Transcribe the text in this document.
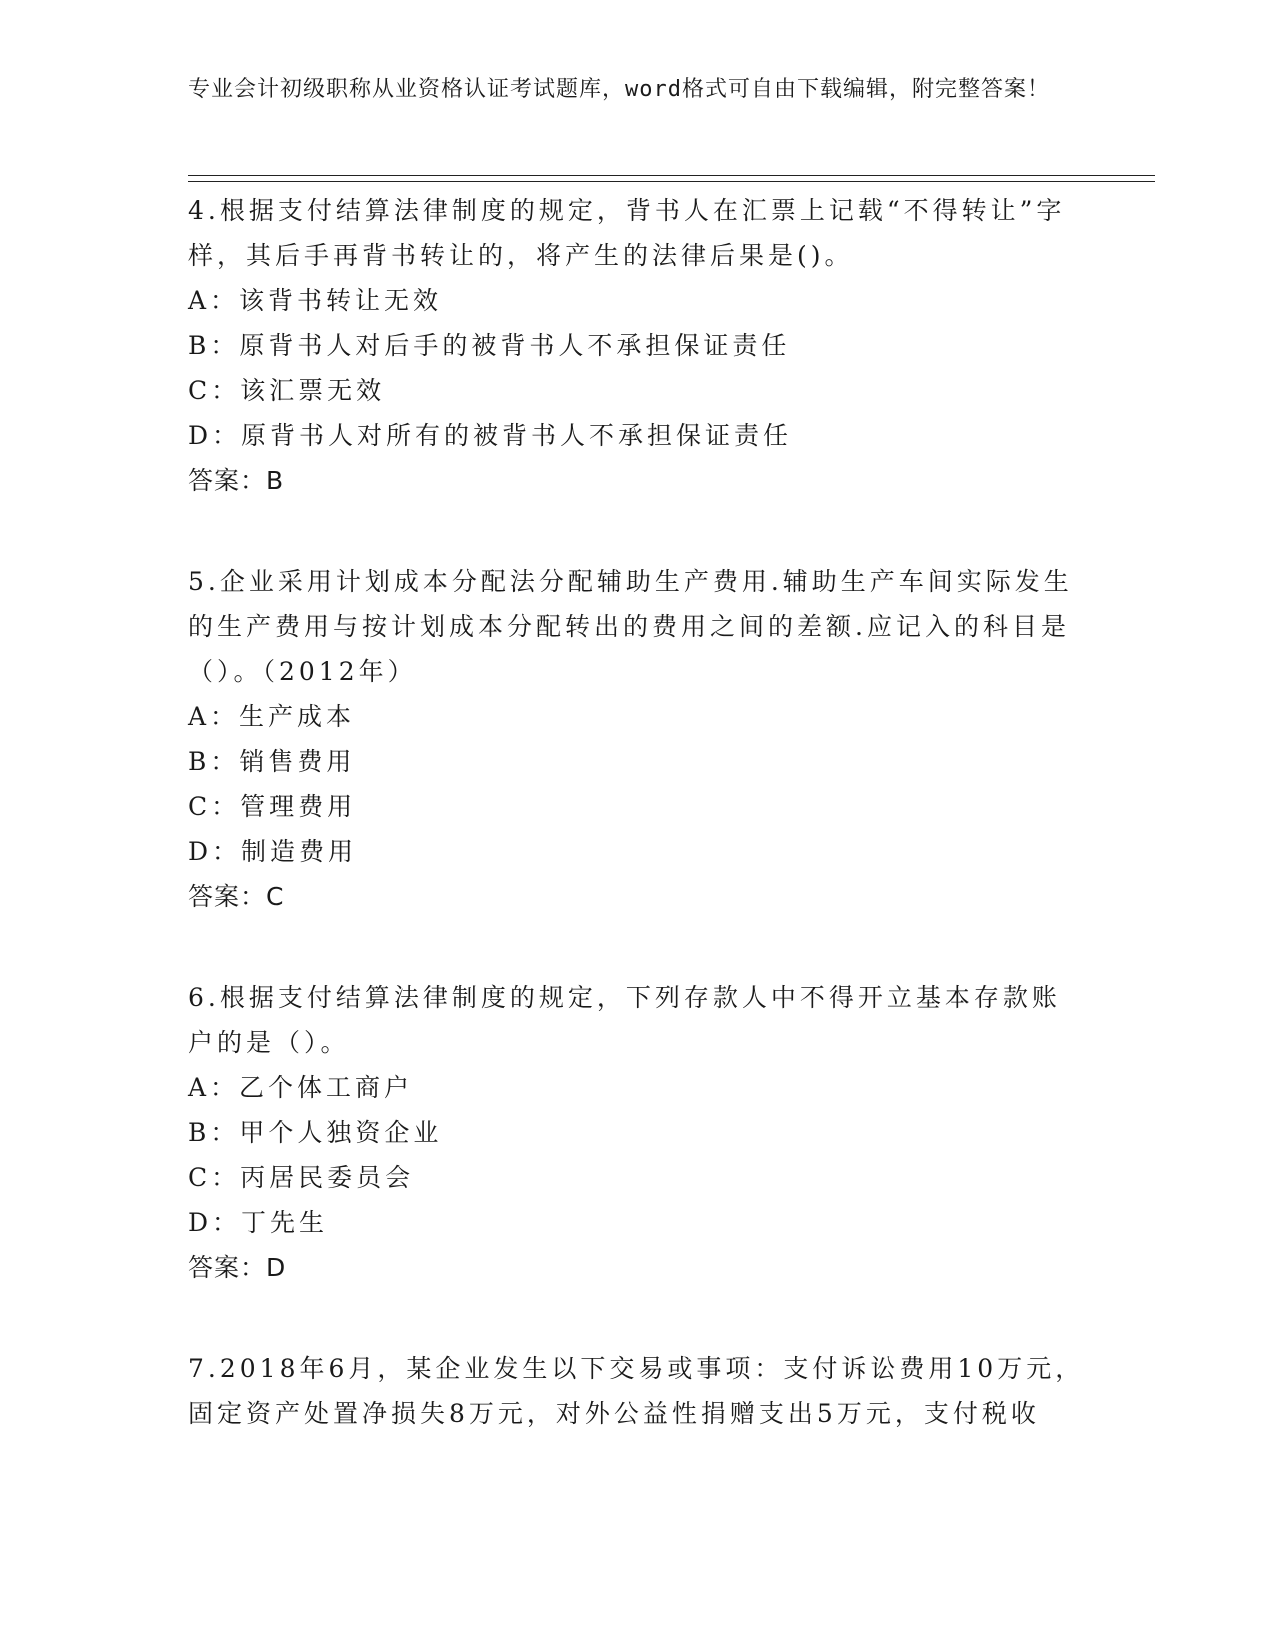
专业会计初级职称从业资格认证考试题库，word格式可自由下载编辑，附完整答案！

4.根据支付结算法律制度的规定，背书人在汇票上记载“不得转让”字样，其后手再背书转让的，将产生的法律后果是()。

A：该背书转让无效

B：原背书人对后手的被背书人不承担保证责任

C：该汇票无效

D：原背书人对所有的被背书人不承担保证责任

答案：B

5.企业采用计划成本分配法分配辅助生产费用.辅助生产车间实际发生的生产费用与按计划成本分配转出的费用之间的差额.应记入的科目是（）。（2012年）

A：生产成本

B：销售费用

C：管理费用

D：制造费用

答案：C

6.根据支付结算法律制度的规定，下列存款人中不得开立基本存款账户的是（）。

A：乙个体工商户

B：甲个人独资企业

C：丙居民委员会

D：丁先生

答案：D

7.2018年6月，某企业发生以下交易或事项：支付诉讼费用10万元，固定资产处置净损失8万元，对外公益性捐赠支出5万元，支付税收
